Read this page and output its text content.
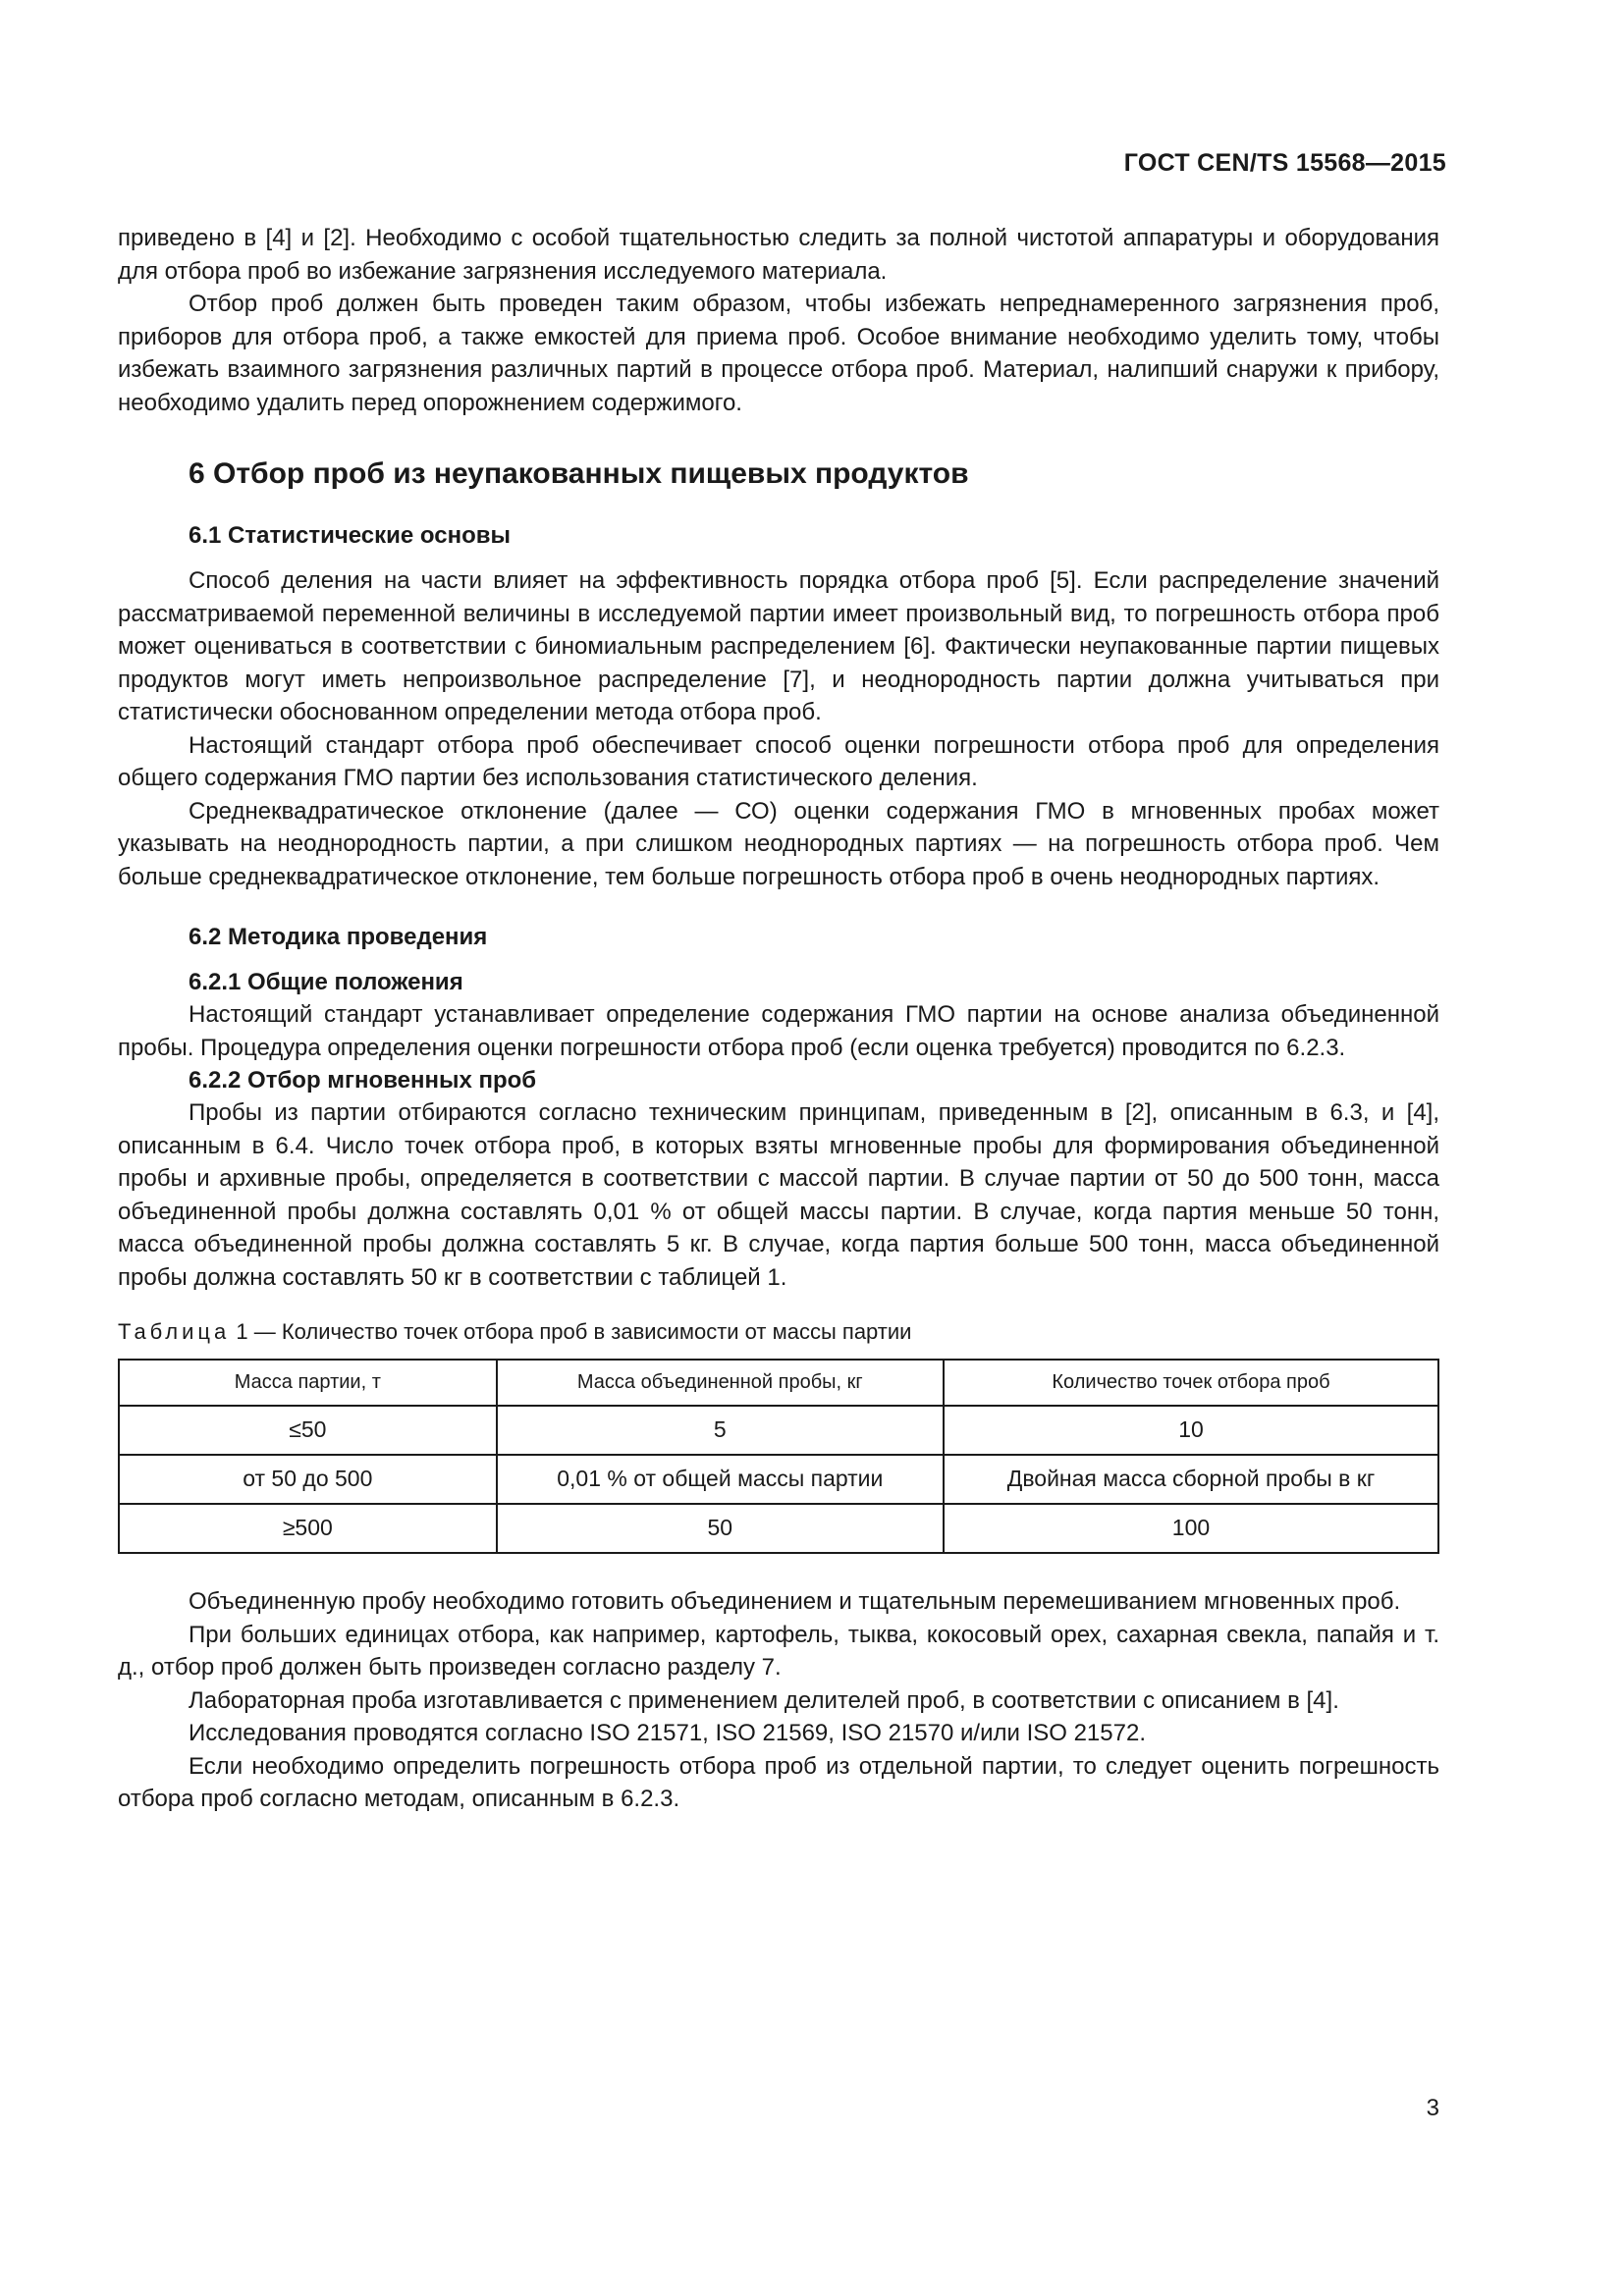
ГОСТ CEN/TS 15568—2015

приведено в [4] и [2]. Необходимо с особой тщательностью следить за полной чистотой аппаратуры и оборудования для отбора проб во избежание загрязнения исследуемого материала.

Отбор проб должен быть проведен таким образом, чтобы избежать непреднамеренного загрязнения проб, приборов для отбора проб, а также емкостей для приема проб. Особое внимание необходимо уделить тому, чтобы избежать взаимного загрязнения различных партий в процессе отбора проб. Материал, налипший снаружи к прибору, необходимо удалить перед опорожнением содержимого.

6 Отбор проб из неупакованных пищевых продуктов
6.1 Статистические основы

Способ деления на части влияет на эффективность порядка отбора проб [5]. Если распределение значений рассматриваемой переменной величины в исследуемой партии имеет произвольный вид, то погрешность отбора проб может оцениваться в соответствии с биномиальным распределением [6]. Фактически неупакованные партии пищевых продуктов могут иметь непроизвольное распределение [7], и неоднородность партии должна учитываться при статистически обоснованном определении метода отбора проб.

Настоящий стандарт отбора проб обеспечивает способ оценки погрешности отбора проб для определения общего содержания ГМО партии без использования статистического деления.

Среднеквадратическое отклонение (далее — СО) оценки содержания ГМО в мгновенных пробах может указывать на неоднородность партии, а при слишком неоднородных партиях — на погрешность отбора проб. Чем больше среднеквадратическое отклонение, тем больше погрешность отбора проб в очень неоднородных партиях.

6.2 Методика проведения
6.2.1 Общие положения

Настоящий стандарт устанавливает определение содержания ГМО партии на основе анализа объединенной пробы. Процедура определения оценки погрешности отбора проб (если оценка требуется) проводится по 6.2.3.

6.2.2 Отбор мгновенных проб

Пробы из партии отбираются согласно техническим принципам, приведенным в [2], описанным в 6.3, и [4], описанным в 6.4. Число точек отбора проб, в которых взяты мгновенные пробы для формирования объединенной пробы и архивные пробы, определяется в соответствии с массой партии. В случае партии от 50 до 500 тонн, масса объединенной пробы должна составлять 0,01 % от общей массы партии. В случае, когда партия меньше 50 тонн, масса объединенной пробы должна составлять 5 кг. В случае, когда партия больше 500 тонн, масса объединенной пробы должна составлять 50 кг в соответствии с таблицей 1.

Таблица 1 — Количество точек отбора проб в зависимости от массы партии
Масса партии, т	Масса объединенной пробы, кг	Количество точек отбора проб
≤50	5	10
от 50 до 500	0,01 % от общей массы партии	Двойная масса сборной пробы в кг
≥500	50	100

Объединенную пробу необходимо готовить объединением и тщательным перемешиванием мгновенных проб.

При больших единицах отбора, как например, картофель, тыква, кокосовый орех, сахарная свекла, папайя и т. д., отбор проб должен быть произведен согласно разделу 7.

Лабораторная проба изготавливается с применением делителей проб, в соответствии с описанием в [4].

Исследования проводятся согласно ISO 21571, ISO 21569, ISO 21570 и/или ISO 21572.

Если необходимо определить погрешность отбора проб из отдельной партии, то следует оценить погрешность отбора проб согласно методам, описанным в 6.2.3.

3
